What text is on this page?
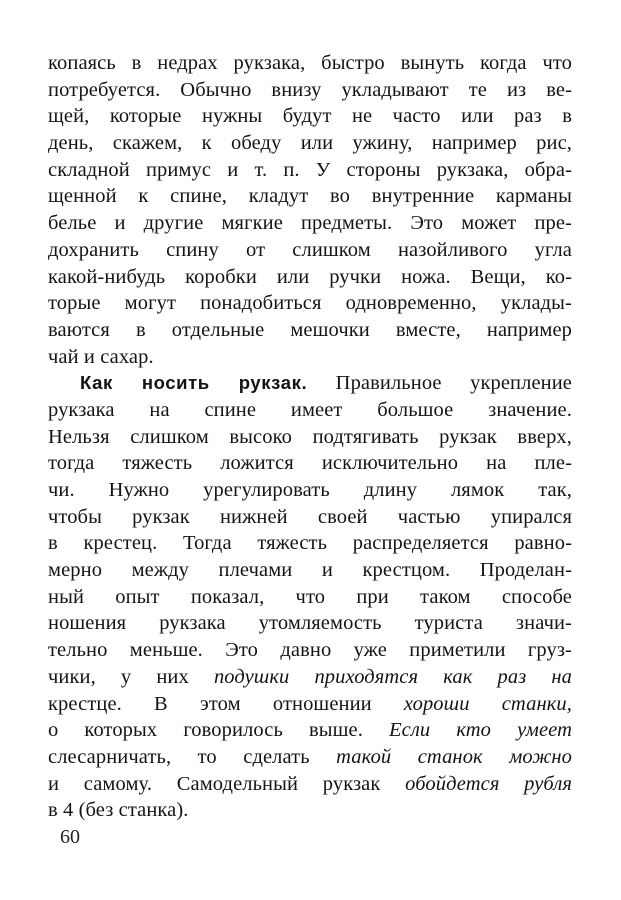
копаясь в недрах рукзака, быстро вынуть когда что
потребуется. Обычно внизу укладывают те из ве-
щей, которые нужны будут не часто или раз в
день, скажем, к обеду или ужину, например рис,
складной примус и т. п. У стороны рукзака, обра-
щенной к спине, кладут во внутренние карманы
белье и другие мягкие предметы. Это может пре-
дохранить спину от слишком назойливого угла
какой-нибудь коробки или ручки ножа. Вещи, ко-
торые могут понадобиться одновременно, уклады-
ваются в отдельные мешочки вместе, например
чай и сахар.
Как носить рукзак. Правильное укрепление
рукзака на спине имеет большое значение.
Нельзя слишком высоко подтягивать рукзак вверх,
тогда тяжесть ложится исключительно на пле-
чи. Нужно урегулировать длину лямок так,
чтобы рукзак нижней своей частью упирался
в крестец. Тогда тяжесть распределяется равно-
мерно между плечами и крестцом. Проделан-
ный опыт показал, что при таком способе
ношения рукзака утомляемость туриста значи-
тельно меньше. Это давно уже приметили груз-
чики, у них подушки приходятся как раз на
крестце. В этом отношении хороши станки,
о которых говорилось выше. Если кто умеет
слесарничать, то сделать такой станок можно
и самому. Самодельный рукзак обойдется рубля
в 4 (без станка).
60
